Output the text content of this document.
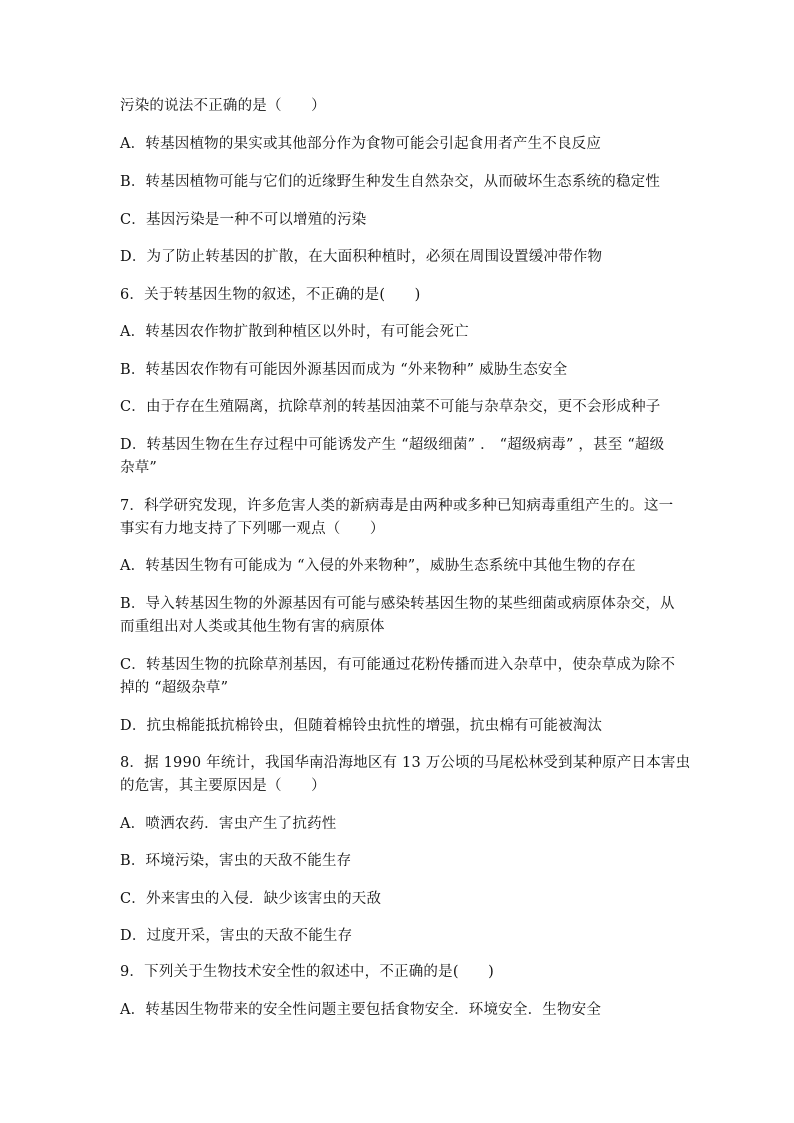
污染的说法不正确的是（　　）
A．转基因植物的果实或其他部分作为食物可能会引起食用者产生不良反应
B．转基因植物可能与它们的近缘野生种发生自然杂交，从而破坏生态系统的稳定性
C．基因污染是一种不可以增殖的污染
D．为了防止转基因的扩散，在大面积种植时，必须在周围设置缓冲带作物
6．关于转基因生物的叙述，不正确的是(　　)
A．转基因农作物扩散到种植区以外时，有可能会死亡
B．转基因农作物有可能因外源基因而成为 “外来物种” 威胁生态安全
C．由于存在生殖隔离，抗除草剂的转基因油菜不可能与杂草杂交，更不会形成种子
D．转基因生物在生存过程中可能诱发产生 “超级细菌” ． “超级病毒” ，甚至 “超级
杂草”
7．科学研究发现，许多危害人类的新病毒是由两种或多种已知病毒重组产生的。这一
事实有力地支持了下列哪一观点（　　）
A．转基因生物有可能成为 “入侵的外来物种”，威胁生态系统中其他生物的存在
B．导入转基因生物的外源基因有可能与感染转基因生物的某些细菌或病原体杂交，从
而重组出对人类或其他生物有害的病原体
C．转基因生物的抗除草剂基因，有可能通过花粉传播而进入杂草中，使杂草成为除不
掉的 “超级杂草”
D．抗虫棉能抵抗棉铃虫，但随着棉铃虫抗性的增强，抗虫棉有可能被淘汰
8．据 1990 年统计，我国华南沿海地区有 13 万公顷的马尾松林受到某种原产日本害虫
的危害，其主要原因是（　　）
A．喷洒农药．害虫产生了抗药性
B．环境污染，害虫的天敌不能生存
C．外来害虫的入侵．缺少该害虫的天敌
D．过度开采，害虫的天敌不能生存
9．下列关于生物技术安全性的叙述中，不正确的是(　　)
A．转基因生物带来的安全性问题主要包括食物安全．环境安全．生物安全
